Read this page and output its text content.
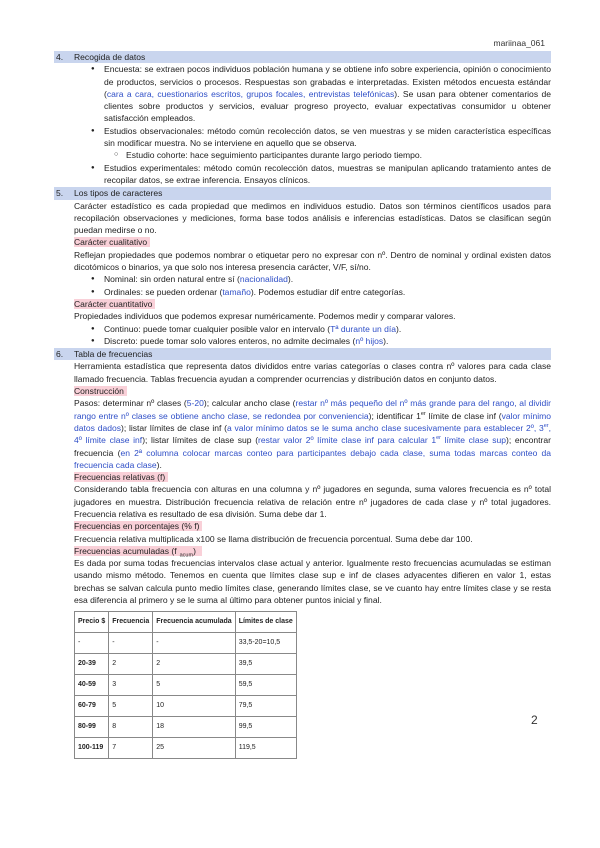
mariinaa_061
2
4. Recogida de datos
● Encuesta: se extraen pocos individuos población humana y se obtiene info sobre experiencia, opinión o conocimiento de productos, servicios o procesos. Respuestas son grabadas e interpretadas. Existen métodos encuesta estándar (cara a cara, cuestionarios escritos, grupos focales, entrevistas telefónicas). Se usan para obtener comentarios de clientes sobre productos y servicios, evaluar progreso proyecto, evaluar expectativas consumidor u obtener satisfacción empleados.
● Estudios observacionales: método común recolección datos, se ven muestras y se miden característica específicas sin modificar muestra. No se interviene en aquello que se observa.
○ Estudio cohorte: hace seguimiento participantes durante largo periodo tiempo.
● Estudios experimentales: método común recolección datos, muestras se manipulan aplicando tratamiento antes de recopilar datos, se extrae inferencia. Ensayos clínicos.
5. Los tipos de caracteres
Carácter estadístico es cada propiedad que medimos en individuos estudio. Datos son términos científicos usados para recopilación observaciones y mediciones, forma base todos análisis e inferencias estadísticas. Datos se clasifican según puedan medirse o no.
Carácter cualitativo
Reflejan propiedades que podemos nombrar o etiquetar pero no expresar con nº. Dentro de nominal y ordinal existen datos dicotómicos o binarios, ya que solo nos interesa presencia carácter, V/F, sí/no.
● Nominal: sin orden natural entre sí (nacionalidad).
● Ordinales: se pueden ordenar (tamaño). Podemos estudiar dif entre categorías.
Carácter cuantitativo
Propiedades individuos que podemos expresar numéricamente. Podemos medir y comparar valores.
● Continuo: puede tomar cualquier posible valor en intervalo (Tª durante un día).
● Discreto: puede tomar solo valores enteros, no admite decimales (nº hijos).
6. Tabla de frecuencias
Herramienta estadística que representa datos divididos entre varias categorías o clases contra nº valores para cada clase llamado frecuencia. Tablas frecuencia ayudan a comprender ocurrencias y distribución datos en conjunto datos.
Construcción
Pasos: determinar nº clases (5-20); calcular ancho clase (restar nº más pequeño del nº más grande para del rango, al dividir rango entre nº clases se obtiene ancho clase, se redondea por conveniencia); identificar 1er límite de clase inf (valor mínimo datos dados); listar límites de clase inf (a valor mínimo datos se le suma ancho clase sucesivamente para establecer 2º, 3er, 4º límite clase inf); listar límites de clase sup (restar valor 2º límite clase inf para calcular 1er límite clase sup); encontrar frecuencia (en 2ª columna colocar marcas conteo para participantes debajo cada clase, suma todas marcas conteo da frecuencia cada clase).
Frecuencias relativas (f)
Considerando tabla frecuencia con alturas en una columna y nº jugadores en segunda, suma valores frecuencia es nº total jugadores en muestra. Distribución frecuencia relativa de relación entre nº jugadores de cada clase y nº total jugadores. Frecuencia relativa es resultado de esa división. Suma debe dar 1.
Frecuencias en porcentajes (% f)
Frecuencia relativa multiplicada x100 se llama distribución de frecuencia porcentual. Suma debe dar 100.
Frecuencias acumuladas (f $_{acum}$)
Es dada por suma todas frecuencias intervalos clase actual y anterior. Igualmente resto frecuencias acumuladas se estiman usando mismo método. Tenemos en cuenta que límites clase sup e inf de clases adyacentes difieren en valor 1, estas brechas se salvan calcula punto medio límites clase, generando límites clase, se ve cuanto hay entre límites clase y se resta esa diferencia al primero y se le suma al último para obtener puntos inicial y final.
Precio $	Frecuencia	Frecuencia acumulada	Límites de clase
-	-	-	33,5-20=10,5
20-39	2	2	39,5
40-59	3	5	59,5
60-79	5	10	79,5
80-99	8	18	99,5
100-119	7	25	119,5
